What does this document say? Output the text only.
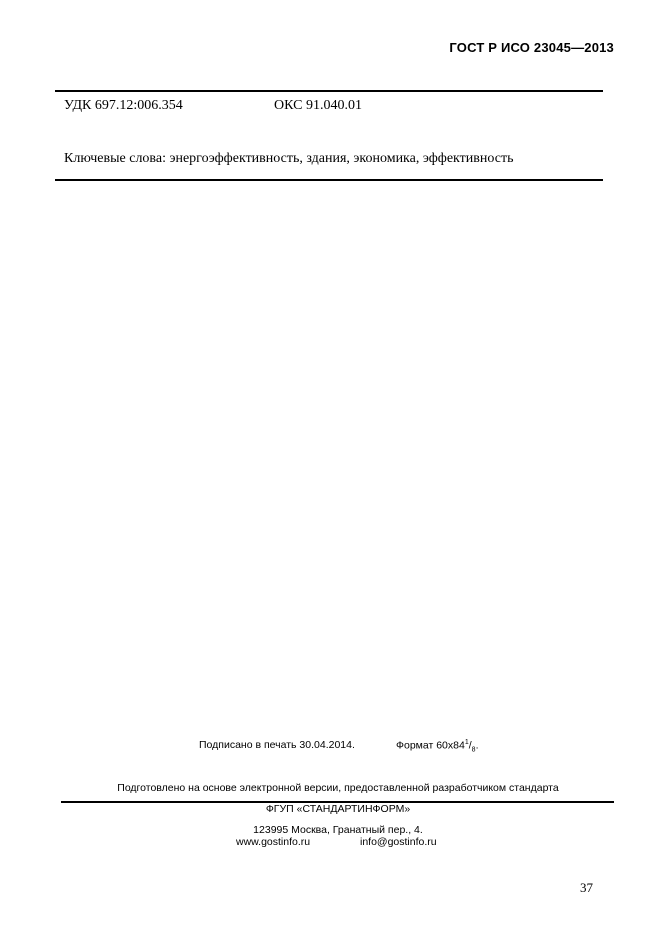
ГОСТ Р ИСО 23045—2013
УДК 697.12:006.354	ОКС 91.040.01
Ключевые слова: энергоэффективность, здания, экономика, эффективность
Подписано в печать 30.04.2014.	Формат $60x84^1/_8$.
Подготовлено на основе электронной версии, предоставленной разработчиком стандарта
ФГУП «СТАНДАРТИНФОРМ»
123995 Москва, Гранатный пер., 4.
www.gostinfo.ru	info@gostinfo.ru
37
